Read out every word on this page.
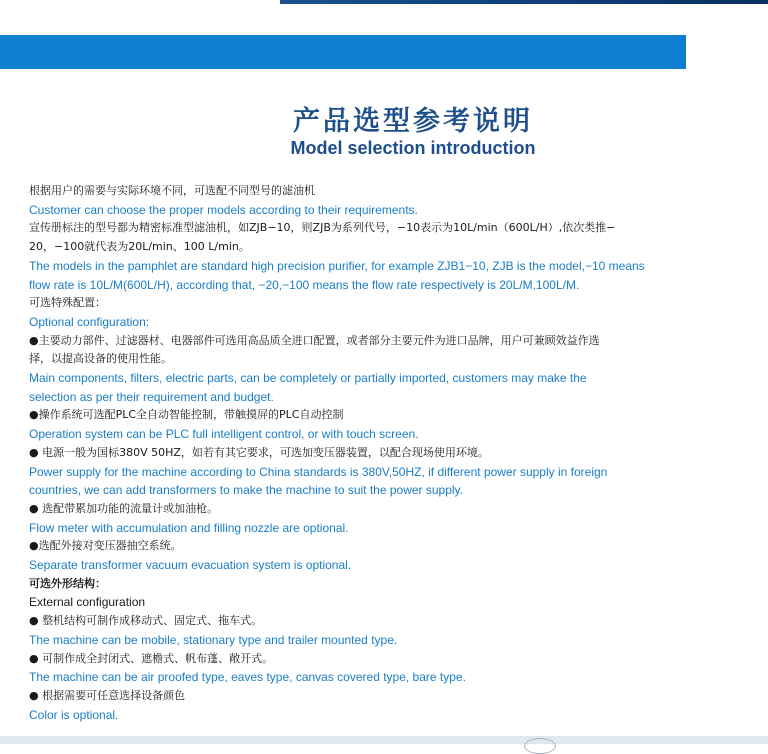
产品选型参考说明
Model selection introduction
根据用户的需要与实际环境不同，可选配不同型号的滤油机
Customer can choose the proper models according to their requirements.
宣传册标注的型号都为精密标准型滤油机，如ZJB−10，则ZJB为系列代号，−10表示为10L/min（600L/H）,依次类推−
20，−100就代表为20L/min、100 L/min。
The models in the pamphlet are standard high precision purifier, for example ZJB1−10, ZJB is the model,−10 means
flow rate is 10L/M(600L/H), according that, −20,−100 means the flow rate respectively is 20L/M,100L/M.
可选特殊配置：
Optional configuration:
●主要动力部件、过滤器材、电器部件可选用高品质全进口配置，或者部分主要元件为进口品牌，用户可兼顾效益作选
择，以提高设备的使用性能。
Main components, filters, electric parts, can be completely or partially imported, customers may make the
selection as per their requirement and budget.
●操作系统可选配PLC全自动智能控制，带触摸屏的PLC自动控制
Operation system can be PLC full intelligent control, or with touch screen.
● 电源一般为国标380V 50HZ，如若有其它要求，可选加变压器装置，以配合现场使用环境。
Power supply for the machine according to China standards is 380V,50HZ, if different power supply in foreign
countries, we can add transformers to make the machine to suit the power supply.
● 选配带累加功能的流量计或加油枪。
Flow meter with accumulation and filling nozzle are optional.
●选配外接对变压器抽空系统。
Separate transformer vacuum evacuation system is optional.
可选外形结构：
External configuration
● 整机结构可制作成移动式、固定式、拖车式。
The machine can be mobile, stationary type and trailer mounted type.
● 可制作成全封闭式、遮檐式、帆布蓬、敞开式。
The machine can be air proofed type, eaves type, canvas covered type, bare type.
● 根据需要可任意选择设备颜色
Color is optional.
